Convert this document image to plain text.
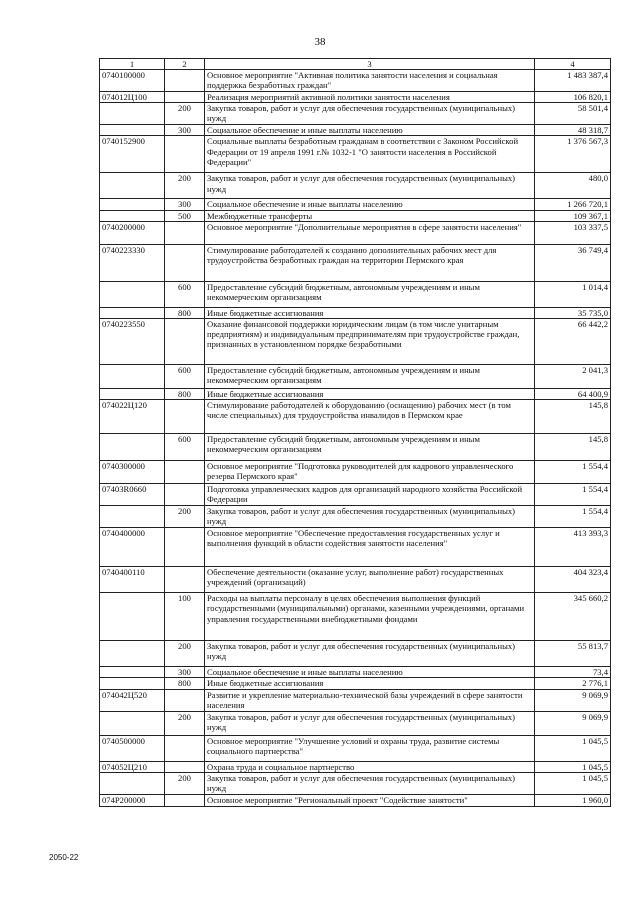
38
1	2	3	4
0740100000		Основное мероприятие "Активная политика занятости населения и социальная поддержка безработных граждан"	1 483 387,4
074012Ц100		Реализация мероприятий активной политики занятости населения	106 820,1
	200	Закупка товаров, работ и услуг для обеспечения государственных (муниципальных) нужд	58 501,4
	300	Социальное обеспечение и иные выплаты населению	48 318,7
0740152900		Социальные выплаты безработным гражданам в соответствии с Законом Российской Федерации от 19 апреля 1991 г.№ 1032-1 "О занятости населения в Российской Федерации"	1 376 567,3
	200	Закупка товаров, работ и услуг для обеспечения государственных (муниципальных) нужд	480,0
	300	Социальное обеспечение и иные выплаты населению	1 266 720,1
	500	Межбюджетные трансферты	109 367,1
0740200000		Основное мероприятие "Дополнительные мероприятия в сфере занятости населения"	103 337,5
0740223330		Стимулирование работодателей к созданию дополнительных рабочих мест для трудоустройства безработных граждан на территории Пермского края	36 749,4
	600	Предоставление субсидий бюджетным, автономным учреждениям и иным некоммерческим организациям	1 014,4
	800	Иные бюджетные ассигнования	35 735,0
0740223550		Оказание финансовой поддержки юридическим лицам (в том числе унитарным предприятиям) и индивидуальным предпринимателям при трудоустройстве граждан, признанных в установленном порядке безработными	66 442,2
	600	Предоставление субсидий бюджетным, автономным учреждениям и иным некоммерческим организациям	2 041,3
	800	Иные бюджетные ассигнования	64 400,9
074022Ц120		Стимулирование работодателей к оборудованию (оснащению) рабочих мест (в том числе специальных) для трудоустройства инвалидов в Пермском крае	145,8
	600	Предоставление субсидий бюджетным, автономным учреждениям и иным некоммерческим организациям	145,8
0740300000		Основное мероприятие "Подготовка руководителей для кадрового управленческого резерва Пермского края"	1 554,4
07403R0660		Подготовка управленческих кадров для организаций народного хозяйства Российской Федерации	1 554,4
	200	Закупка товаров, работ и услуг для обеспечения государственных (муниципальных) нужд	1 554,4
0740400000		Основное мероприятие "Обеспечение предоставления государственных услуг и выполнения функций в области содействия занятости населения"	413 393,3
0740400110		Обеспечение деятельности (оказание услуг, выполнение работ) государственных учреждений (организаций)	404 323,4
	100	Расходы на выплаты персоналу в целях обеспечения выполнения функций государственными (муниципальными) органами, казенными учреждениями, органами управления государственными внебюджетными фондами	345 660,2
	200	Закупка товаров, работ и услуг для обеспечения государственных (муниципальных) нужд	55 813,7
	300	Социальное обеспечение и иные выплаты населению	73,4
	800	Иные бюджетные ассигнования	2 776,1
074042Ц520		Развитие и укрепление материально-технической базы учреждений в сфере занятости населения	9 069,9
	200	Закупка товаров, работ и услуг для обеспечения государственных (муниципальных) нужд	9 069,9
0740500000		Основное мероприятие "Улучшение условий и охраны труда, развитие системы социального партнерства"	1 045,5
074052Ц210		Охрана труда и социальное партнерство	1 045,5
	200	Закупка товаров, работ и услуг для обеспечения государственных (муниципальных) нужд	1 045,5
074P200000		Основное мероприятие "Региональный проект "Содействие занятости"	1 960,0
2050-22
